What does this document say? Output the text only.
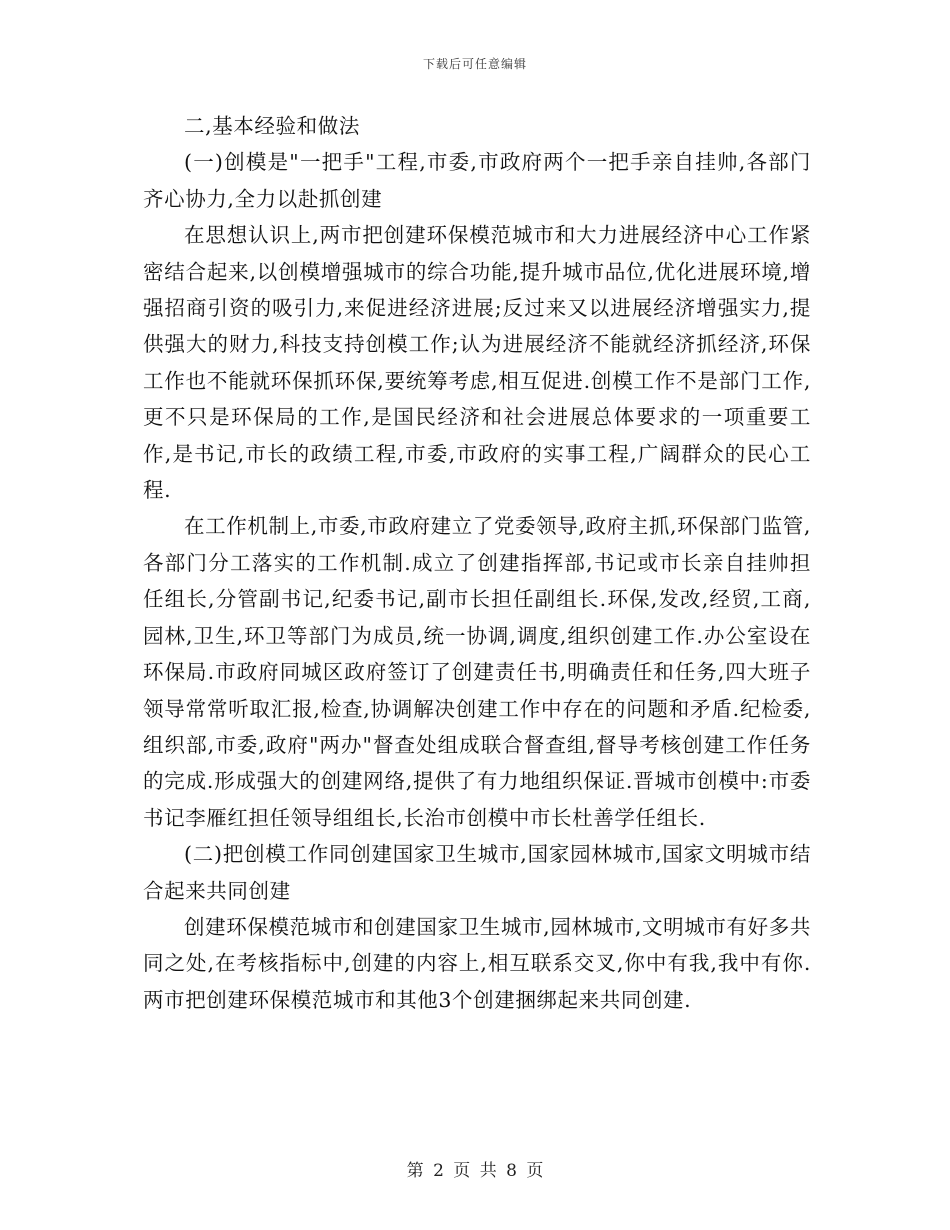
下载后可任意编辑

二,基本经验和做法

(一)创模是"一把手"工程,市委,市政府两个一把手亲自挂帅,各部门齐心协力,全力以赴抓创建

在思想认识上,两市把创建环保模范城市和大力进展经济中心工作紧密结合起来,以创模增强城市的综合功能,提升城市品位,优化进展环境,增强招商引资的吸引力,来促进经济进展;反过来又以进展经济增强实力,提供强大的财力,科技支持创模工作;认为进展经济不能就经济抓经济,环保工作也不能就环保抓环保,要统筹考虑,相互促进.创模工作不是部门工作,更不只是环保局的工作,是国民经济和社会进展总体要求的一项重要工作,是书记,市长的政绩工程,市委,市政府的实事工程,广阔群众的民心工程.

在工作机制上,市委,市政府建立了党委领导,政府主抓,环保部门监管,各部门分工落实的工作机制.成立了创建指挥部,书记或市长亲自挂帅担任组长,分管副书记,纪委书记,副市长担任副组长.环保,发改,经贸,工商,园林,卫生,环卫等部门为成员,统一协调,调度,组织创建工作.办公室设在环保局.市政府同城区政府签订了创建责任书,明确责任和任务,四大班子领导常常听取汇报,检查,协调解决创建工作中存在的问题和矛盾.纪检委,组织部,市委,政府"两办"督查处组成联合督查组,督导考核创建工作任务的完成.形成强大的创建网络,提供了有力地组织保证.晋城市创模中:市委书记李雁红担任领导组组长,长治市创模中市长杜善学任组长.

(二)把创模工作同创建国家卫生城市,国家园林城市,国家文明城市结合起来共同创建

创建环保模范城市和创建国家卫生城市,园林城市,文明城市有好多共同之处,在考核指标中,创建的内容上,相互联系交叉,你中有我,我中有你.两市把创建环保模范城市和其他3个创建捆绑起来共同创建.

第 2 页 共 8 页
